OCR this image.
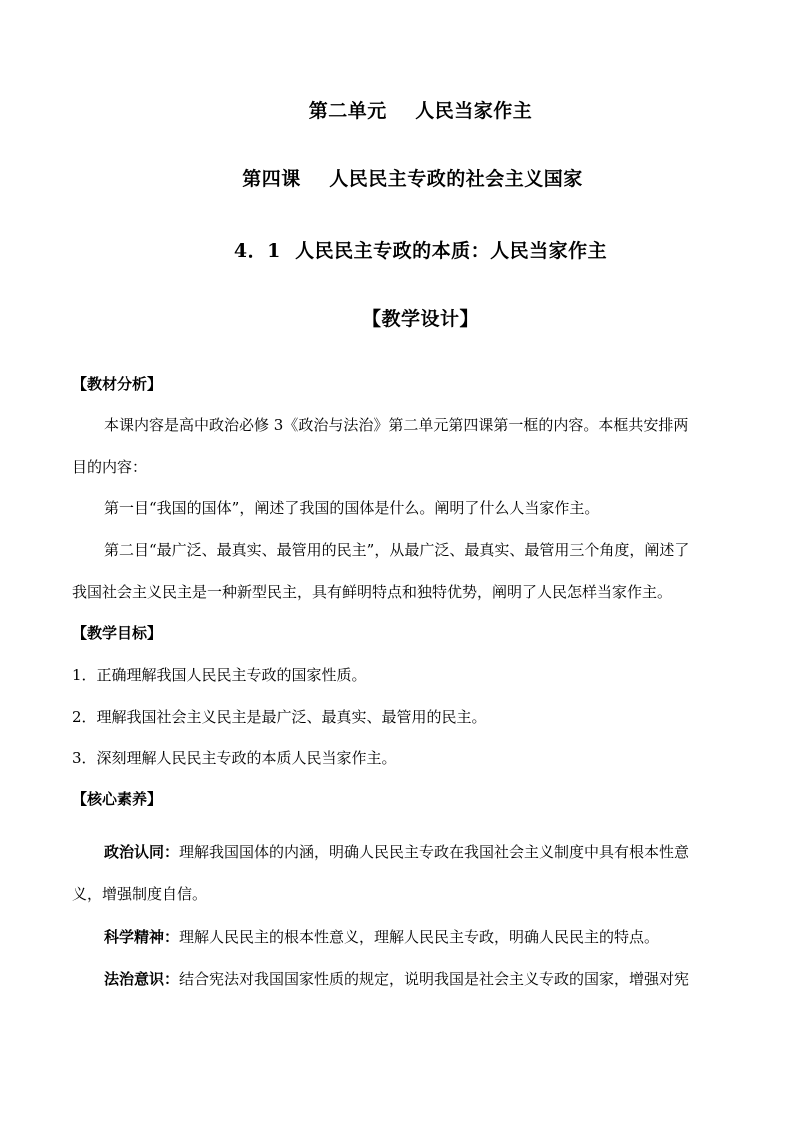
第二单元    人民当家作主
第四课    人民民主专政的社会主义国家
4．1  人民民主专政的本质：人民当家作主
【教学设计】
【教材分析】
本课内容是高中政治必修 3《政治与法治》第二单元第四课第一框的内容。本框共安排两
目的内容：
第一目“我国的国体”，阐述了我国的国体是什么。阐明了什么人当家作主。
第二目“最广泛、最真实、最管用的民主”，从最广泛、最真实、最管用三个角度，阐述了
我国社会主义民主是一种新型民主，具有鲜明特点和独特优势，阐明了人民怎样当家作主。
【教学目标】
1．正确理解我国人民民主专政的国家性质。
2．理解我国社会主义民主是最广泛、最真实、最管用的民主。
3．深刻理解人民民主专政的本质人民当家作主。
【核心素养】
政治认同：理解我国国体的内涵，明确人民民主专政在我国社会主义制度中具有根本性意
义，增强制度自信。
科学精神：理解人民民主的根本性意义，理解人民民主专政，明确人民民主的特点。
法治意识：结合宪法对我国国家性质的规定，说明我国是社会主义专政的国家，增强对宪
